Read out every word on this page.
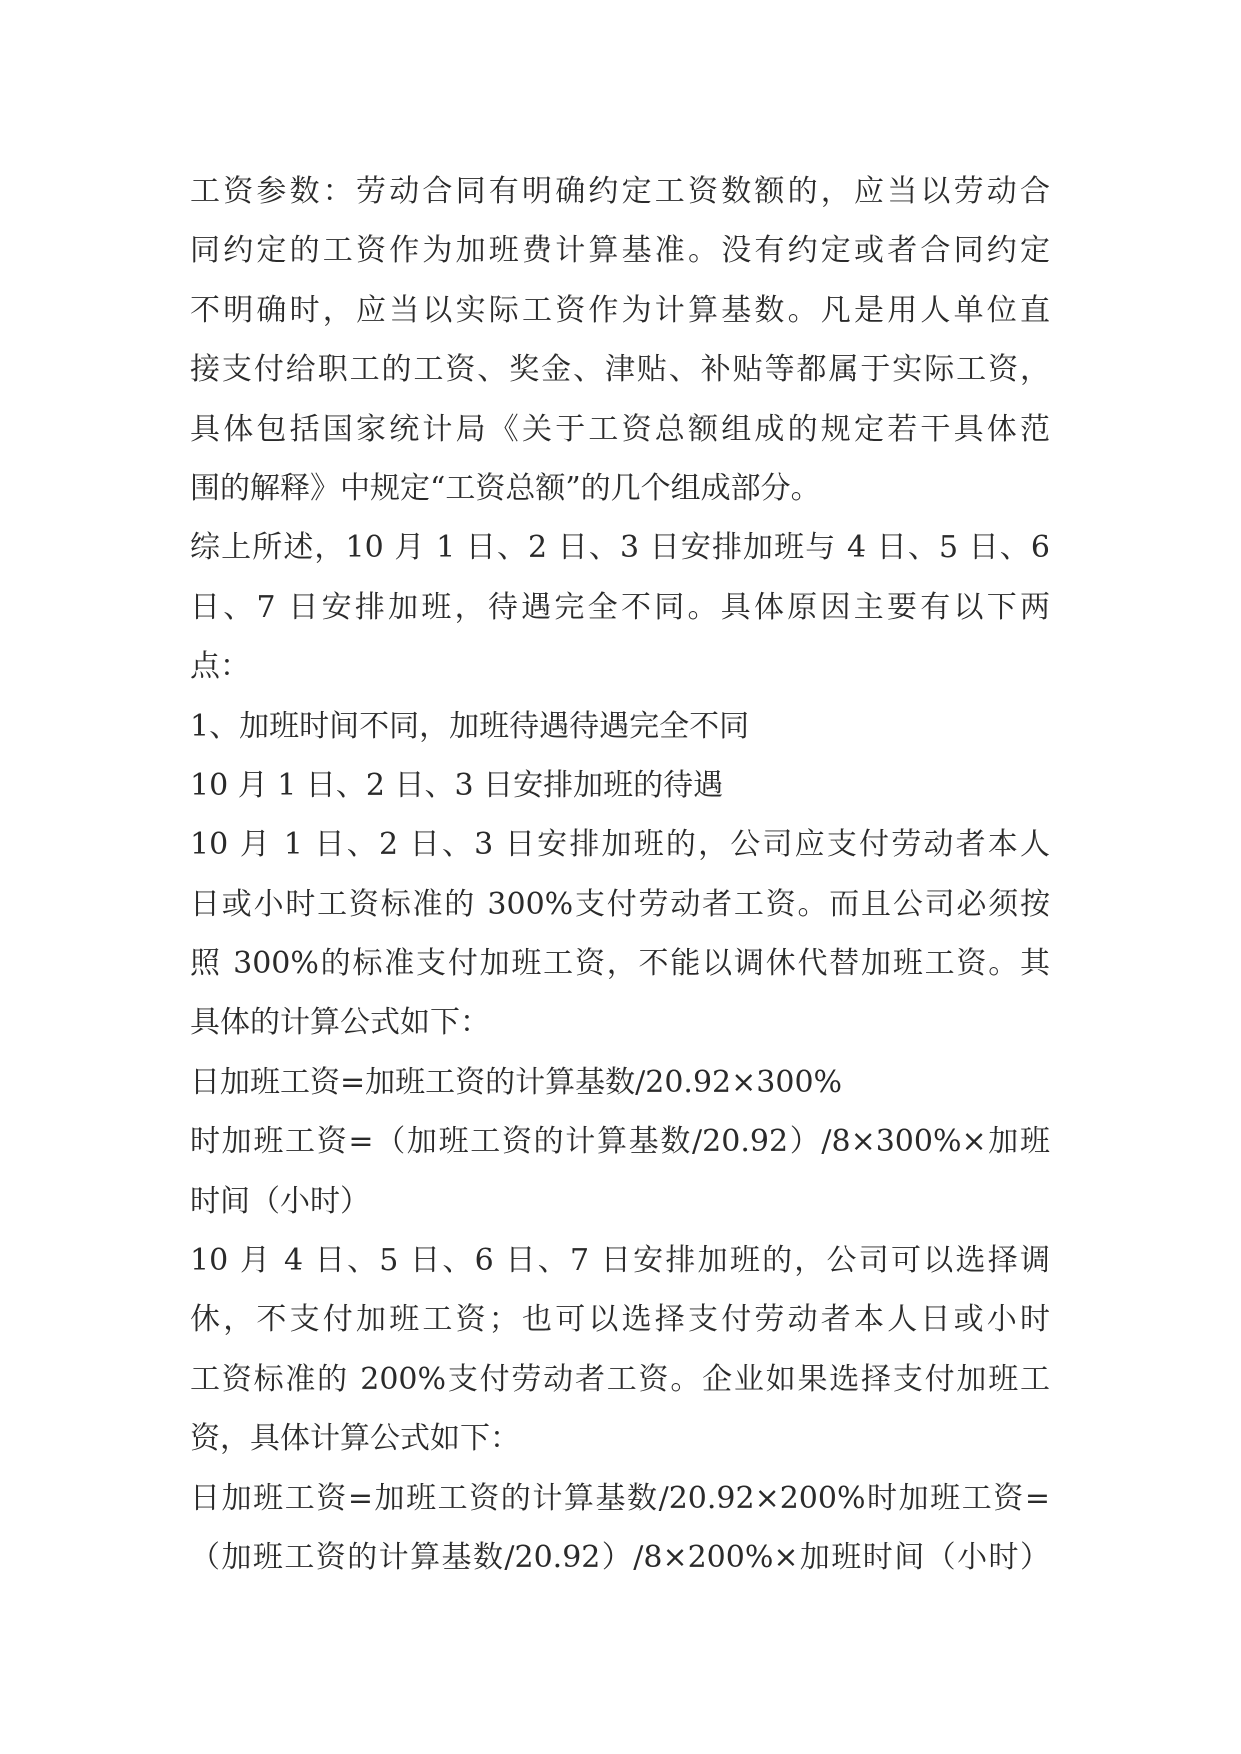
工资参数：劳动合同有明确约定工资数额的，应当以劳动合
同约定的工资作为加班费计算基准。没有约定或者合同约定
不明确时，应当以实际工资作为计算基数。凡是用人单位直
接支付给职工的工资、奖金、津贴、补贴等都属于实际工资，
具体包括国家统计局《关于工资总额组成的规定若干具体范
围的解释》中规定“工资总额”的几个组成部分。
综上所述，10 月 1 日、2 日、3 日安排加班与 4 日、5 日、6
日、7 日安排加班，待遇完全不同。具体原因主要有以下两
点：
1、加班时间不同，加班待遇待遇完全不同
10 月 1 日、2 日、3 日安排加班的待遇
10 月 1 日、2 日、3 日安排加班的，公司应支付劳动者本人
日或小时工资标准的 300%支付劳动者工资。而且公司必须按
照 300%的标准支付加班工资，不能以调休代替加班工资。其
具体的计算公式如下：
日加班工资=加班工资的计算基数/20.92×300%
时加班工资=（加班工资的计算基数/20.92）/8×300%×加班
时间（小时）
10 月 4 日、5 日、6 日、7 日安排加班的，公司可以选择调
休，不支付加班工资；也可以选择支付劳动者本人日或小时
工资标准的 200%支付劳动者工资。企业如果选择支付加班工
资，具体计算公式如下：
日加班工资=加班工资的计算基数/20.92×200%时加班工资=
（加班工资的计算基数/20.92）/8×200%×加班时间（小时）
